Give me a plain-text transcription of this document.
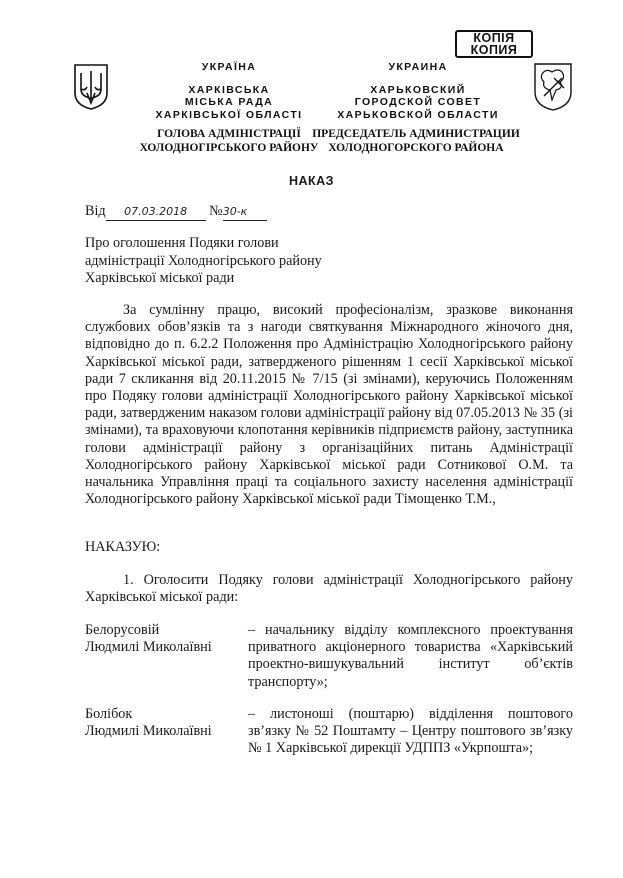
КОПІЯ
КОПИЯ
УКРАЇНА
ХАРКІВСЬКА
МІСЬКА РАДА
ХАРКІВСЬКОЇ ОБЛАСТІ
ГОЛОВА АДМІНІСТРАЦІЇ
ХОЛОДНОГІРСЬКОГО РАЙОНУ
УКРАИНА
ХАРЬКОВСКИЙ
ГОРОДСКОЙ СОВЕТ
ХАРЬКОВСКОЙ ОБЛАСТИ
ПРЕДСЕДАТЕЛЬ АДМИНИСТРАЦИИ
ХОЛОДНОГОРСКОГО РАЙОНА
НАКАЗ
Від 07.03.2018 №30-к
Про оголошення Подяки голови
адміністрації Холодногірського району
Харківської міської ради

За сумлінну працю, високий професіоналізм, зразкове виконання службових обов’язків та з нагоди святкування Міжнародного жіночого дня, відповідно до п. 6.2.2 Положення про Адміністрацію Холодногірського району Харківської міської ради, затвердженого рішенням 1 сесії Харківської міської ради 7 скликання від 20.11.2015 № 7/15 (зі змінами), керуючись Положенням про Подяку голови адміністрації Холодногірського району Харківської міської ради, затвердженим наказом голови адміністрації району від 07.05.2013 № 35 (зі змінами), та враховуючи клопотання керівників підприємств району, заступника голови адміністрації району з організаційних питань Адміністрації Холодногірського району Харківської міської ради Сотникової О.М. та начальника Управління праці та соціального захисту населення адміністрації Холодногірського району Харківської міської ради Тімощенко Т.М.,

НАКАЗУЮ:

1. Оголосити Подяку голови адміністрації Холодногірського району Харківської міської ради:

Белорусовій
Людмилі Миколаївні
– начальнику відділу комплексного проектування приватного акціонерного товариства «Харківський проектно-вишукувальний інститут об’єктів транспорту»;
Болібок
Людмилі Миколаївні
– листоноші (поштарю) відділення поштового зв’язку № 52 Поштамту – Центру поштового зв’язку № 1 Харківської дирекції УДППЗ «Укрпошта»;
